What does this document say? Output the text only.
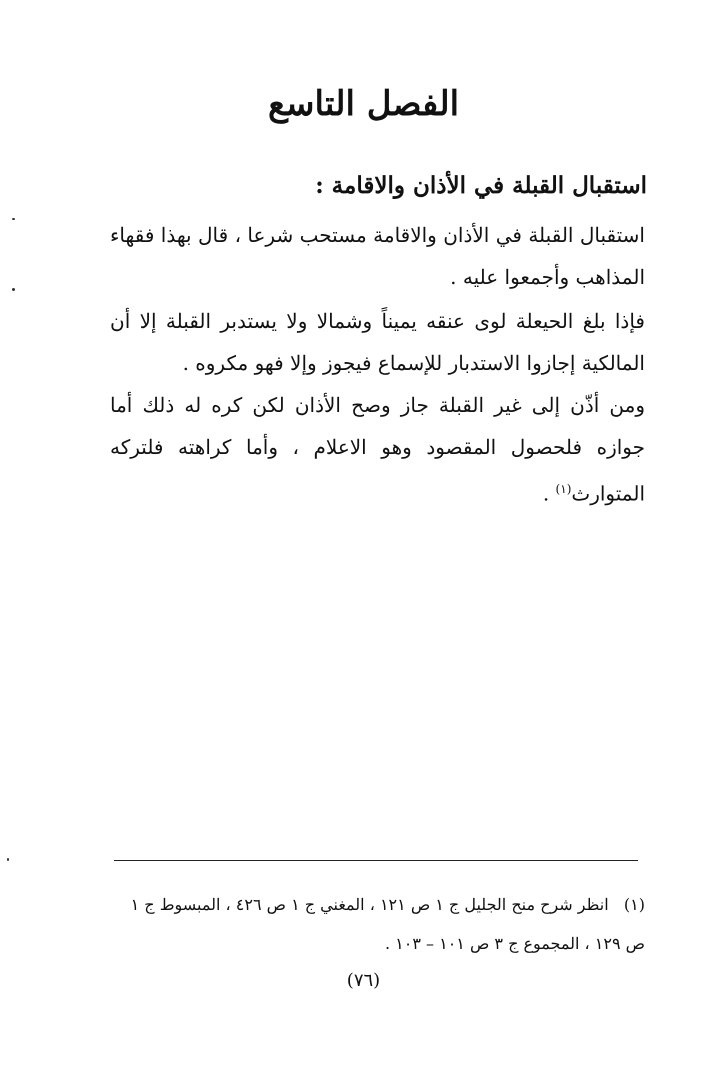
الفصل التاسع
استقبال القبلة في الأذان والاقامة :
استقبال القبلة في الأذان والاقامة مستحب شرعا ، قال بهذا فقهاء المذاهب وأجمعوا عليه .
فإذا بلغ الحيعلة لوى عنقه يميناً وشمالا ولا يستدبر القبلة إلا أن المالكية إجازوا الاستدبار للإسماع فيجوز وإلا فهو مكروه .
ومن أذّن إلى غير القبلة جاز وصح الأذان لكن كره له ذلك أما جوازه فلحصول المقصود وهو الاعلام ، وأما كراهته فلتركه المتوارث$^{(١)}$ .
(١)   انظر شرح منح الجليل ج ١ ص ١٢١ ، المغني ج ١ ص ٤٢٦ ، المبسوط ج ١ ص ١٢٩ ، المجموع ج ٣ ص ١٠١ – ١٠٣ .
(٧٦)
